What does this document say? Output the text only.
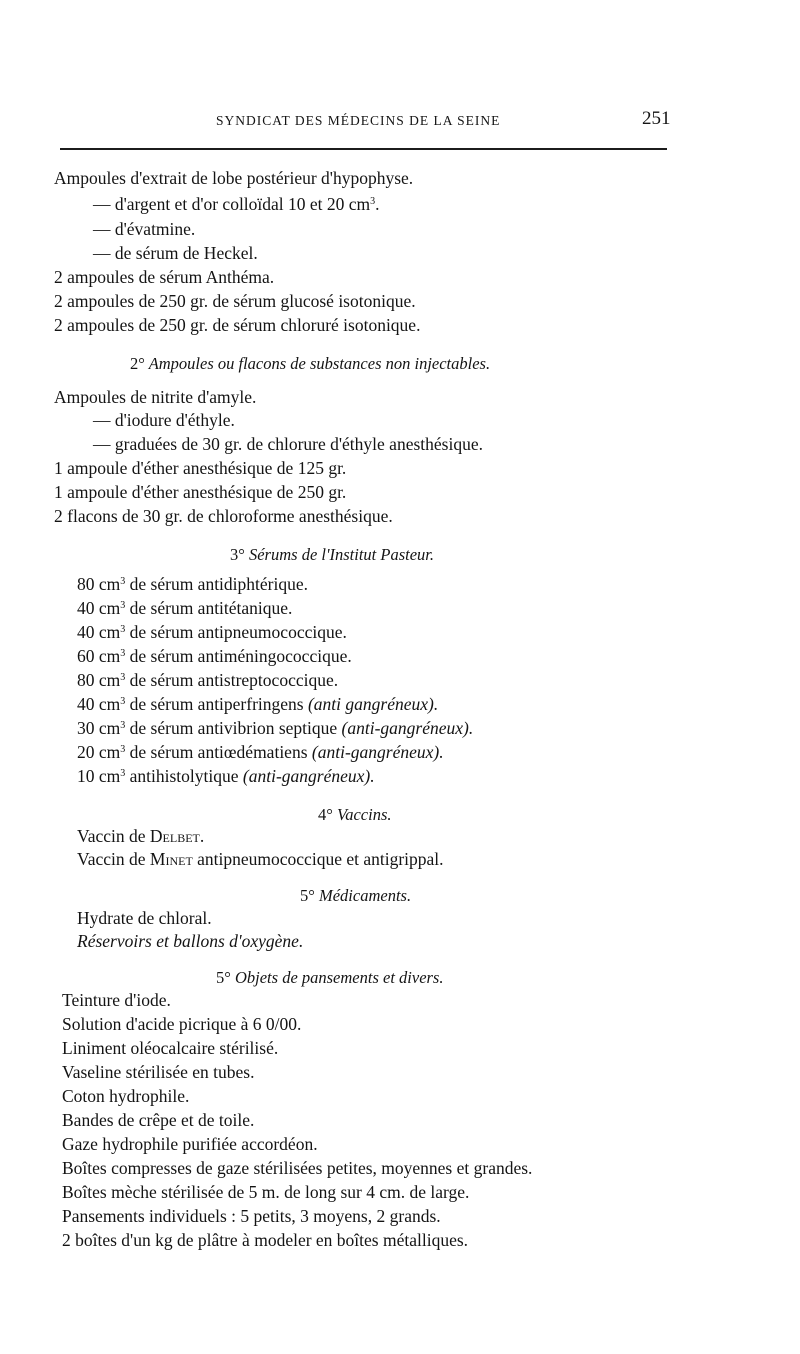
SYNDICAT DES MÉDECINS DE LA SEINE	251
Ampoules d'extrait de lobe postérieur d'hypophyse.
— d'argent et d'or colloïdal 10 et 20 $cm^3$.
— d'évatmine.
— de sérum de Heckel.
2 ampoules de sérum Anthéma.
2 ampoules de 250 gr. de sérum glucosé isotonique.
2 ampoules de 250 gr. de sérum chloruré isotonique.
2° Ampoules ou flacons de substances non injectables.
Ampoules de nitrite d'amyle.
— d'iodure d'éthyle.
— graduées de 30 gr. de chlorure d'éthyle anesthésique.
1 ampoule d'éther anesthésique de 125 gr.
1 ampoule d'éther anesthésique de 250 gr.
2 flacons de 30 gr. de chloroforme anesthésique.
3° Sérums de l'Institut Pasteur.
80 $cm^3$ de sérum antidiphtérique.
40 $cm^3$ de sérum antitétanique.
40 $cm^3$ de sérum antipneumococcique.
60 $cm^3$ de sérum antiméningococcique.
80 $cm^3$ de sérum antistreptococcique.
40 $cm^3$ de sérum antiperfringens (anti gangréneux).
30 $cm^3$ de sérum antivibrion septique (anti-gangréneux).
20 $cm^3$ de sérum antiœdématiens (anti-gangréneux).
10 $cm^3$ antihistolytique (anti-gangréneux).
4° Vaccins.
Vaccin de Delbet.
Vaccin de Minet antipneumococcique et antigrippal.
5° Médicaments.
Hydrate de chloral.
Réservoirs et ballons d'oxygène.
5° Objets de pansements et divers.
Teinture d'iode.
Solution d'acide picrique à 6 0/00.
Liniment oléocalcaire stérilisé.
Vaseline stérilisée en tubes.
Coton hydrophile.
Bandes de crêpe et de toile.
Gaze hydrophile purifiée accordéon.
Boîtes compresses de gaze stérilisées petites, moyennes et grandes.
Boîtes mèche stérilisée de 5 m. de long sur 4 cm. de large.
Pansements individuels : 5 petits, 3 moyens, 2 grands.
2 boîtes d'un kg de plâtre à modeler en boîtes métalliques.
